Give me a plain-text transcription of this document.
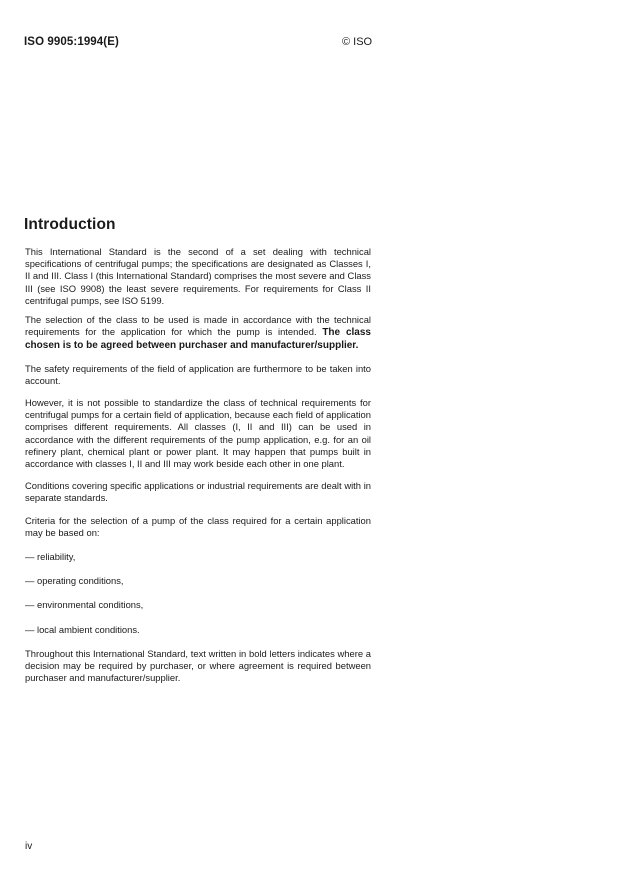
ISO 9905:1994(E)	© ISO
Introduction

This International Standard is the second of a set dealing with technical specifications of centrifugal pumps; the specifications are designated as Classes I, II and III. Class I (this International Standard) comprises the most severe and Class III (see ISO 9908) the least severe requirements. For requirements for Class II centrifugal pumps, see ISO 5199.

The selection of the class to be used is made in accordance with the technical requirements for the application for which the pump is intended. The class chosen is to be agreed between purchaser and manufacturer/supplier.

The safety requirements of the field of application are furthermore to be taken into account.

However, it is not possible to standardize the class of technical requirements for centrifugal pumps for a certain field of application, because each field of application comprises different requirements. All classes (I, II and III) can be used in accordance with the different requirements of the pump application, e.g. for an oil refinery plant, chemical plant or power plant. It may happen that pumps built in accordance with classes I, II and III may work beside each other in one plant.

Conditions covering specific applications or industrial requirements are dealt with in separate standards.

Criteria for the selection of a pump of the class required for a certain application may be based on:

— reliability,

— operating conditions,

— environmental conditions,

— local ambient conditions.

Throughout this International Standard, text written in bold letters indicates where a decision may be required by purchaser, or where agreement is required between purchaser and manufacturer/supplier.

iv
